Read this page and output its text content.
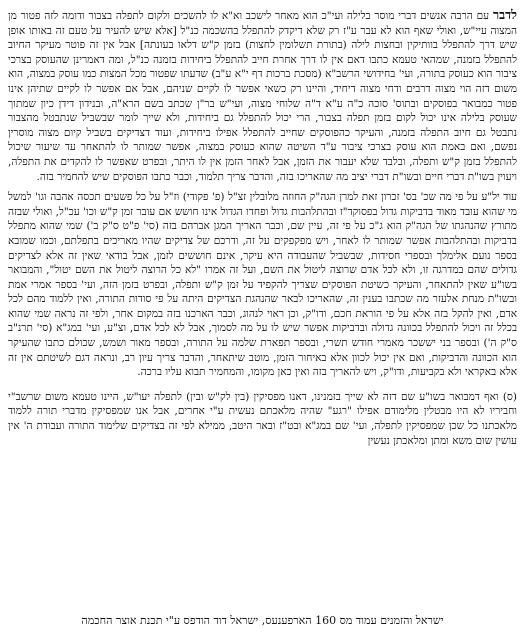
לדבר עם הרבה אנשים דברי מוסר בלילה ועי"כ הוא מאחר לישכב וא"א לו להשכים ולקום לתפלה בצבור ודומה לזה פטור מן המצוה עיי"ש, ואולי שאף הוא לא עבר ע"ז רק שלא דיקדק להתפלל בהשכמה כנ"ל [אלא שיש להעיר על טעם זה באותו אופן שיש דרך להתפלל בוותיקין ובחצות לילה (בתורת תשלומין לחצות) בזמן ק"ש דלאו בעונתה] אבל אין זה פוטר מעיקר החיוב להתפלל בזמנה, שמהאי טעמא כתבו דאם אין לו דרך אחרת חייב להתפלל ביחידות בזמנה כנ"ל, ומה דאמרינן שהעוסק בצרכי ציבור הוא כעוסק בתורה, ועי' בחידושי הרשב"א (מסכת ברכות דף י"א ע"ב) שדעתו שפטור מכל המצות כמו עוסק במצוה, הוא משום דזה הוי מצוה דרבים ודחי מצוה דיחיד, והיינו רק כשאי אפשר לו לקיים שניהם, אבל אם אפשר לו לקיים שתיהן אינו פטור כמבואר בפוסקים ובתוס' סוכה כ"ה ע"א ד"ה שלוחי מצוה, ועי"ש בר"ן שכתב בשם הרא"ה, ובנידון דידן כיון שמתוך שעוסק בלילה אינו יכול לקום בזמן תפלה בצבור, הרי יכול להתפלל גם ביחידות, ולא שייך לומר שבשביל שנתבטל מהצבור נתבטל גם חיוב התפלה בזמנה, והעיקר כהפוסקים שחייב להתפלל אפילו ביחידות, ועוד דצדיקים בשביל קיום מצוה מוסרין נפשם, ואם באמת הוא עוסק בצרכי ציבור ע"ד השיטה שהוא כעוסק במצוה, אפשר שמותר לו להתאחר עד שיעור שיכול להתפלל בזמן ק"ש ותפלה, ובלבד שלא יעבור את הזמן, אבל לאחר הזמן אין לו היתר, ובפרט שאפשר לו להקדים את התפלה, ויעוין בשו"ת דברי חיים ובשו"ת דברי יציב מה שהאריכו בזה, והדבר צריך תלמוד, וכבר כתבו הפוסקים שיש להחמיר בזה.

עוד יל"ע על פי מה שכ' בס' זכרון זאת למרן הגה"ק החוזה מלובלין זצ"ל (פ' פקודי) וז"ל על כל פשעים תכסה אהבה וגו' למשל מי שהוא עובד מאוד בדביקות גדול בפסוקד"ז ובהתלהבות גדול ופחדו הגדול אינו חושש אם עובר זמן ק"ש וכו' עכ"ל, ואולי שבזה מתורץ שהנהגתו של הגה"ק הוא ג"כ על פי זה, עיין שם, וכבר האריך המגן אברהם בזה (סי' פ"ט ס"ק ב') שמי שהוא מתפלל בדביקות ובהתלהבות אפשר שמותר לו לאחר, ויש מפקפקים על זה, ודרכם של צדיקים שהיו מאריכים בתפלתם, וכמו שמובא בספר נועם אלימלך ובספרי חסידות, שבשביל שהעבודה היא עיקר, אינם חוששים לזמן, אבל בודאי שאין זה אלא לצדיקים גדולים שהם במדרגה זו, ולא לכל אדם שרוצה ליטול את השם, ועל זה אמרו "לא כל הרוצה ליטול את השם יטול", והמבואר בשו"ע שאין להתאחר, והעיקר כשיטת הפוסקים שצריך להקפיד על זמן ק"ש ותפלה, ובפרט בזמן הזה, ועי' בספר אמרי אמת ובשו"ת מנחת אלעזר מה שכתבו בענין זה, שהאריכו לבאר שהנהגת הצדיקים היתה על פי סודות התורה, ואין ללמוד מהם לכל אדם, ואין להקל בזה אלא על פי הוראת חכם, ודו"ק, וכן ראוי לנהוג, וכבר הארכנו בזה במקום אחר, ולפי זה נראה שמי שהוא בכלל זה ויכול להתפלל בכוונה גדולה ובדביקות אפשר שיש לו על מה לסמוך, אבל לא לכל אדם, וצ"ע, ועי' במג"א (סי' תרנ"ב ס"ק ה') ובספר בני יששכר מאמרי חודש תשרי, ובספר תפארת שלמה על התורה, ובספר מאור ושמש, שכולם כתבו שהעיקר הוא הכוונה והדביקות, ואם אין יכול לכוון אלא באיחור הזמן, מוטב שיתאחר, והדבר צריך עיון רב, ונראה דגם לשיטתם אין זה אלא באקראי ולא בקביעות, ודו"ק, ויש להאריך בזה ואין כאן מקומו, והמחמיר תבוא עליו ברכה.

(ס) ואף דמבואר בשו"ע שם דזה לא שייך בזמנינו, דאנו מפסיקין (בין לק"ש ובין) לתפלה יעו"ש, היינו טעמא משום שרשב"י וחביריו לא היו מבטלין מלימודם אפילו "רגע" שהיה מלאכתם נעשית ע"י אחרים, אבל אנו שמפסיקין מדברי תורה ללמוד מלאכתנו כל שכן שמפסיקין לתפלה, ועי' שם במג"א ובט"ז ובאר היטב, ממילא לפי זה בצדיקים שלימוד התורה ועבודת ה' אין עושין שום משא ומתן ומלאכתן נעשין

ישראל והזמנים עמוד מס 160 הארפענעס, ישראל דוד הודפס ע"י תכנת אוצר החכמה
